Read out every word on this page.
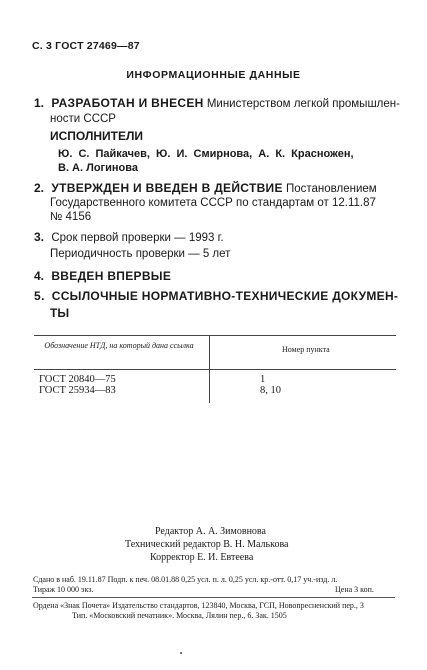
С. 3 ГОСТ 27469—87
ИНФОРМАЦИОННЫЕ ДАННЫЕ
1. РАЗРАБОТАН И ВНЕСЕН Министерством легкой промышлен-
ности СССР
ИСПОЛНИТЕЛИ
Ю. С. Пайкачев, Ю. И. Смирнова, А. К. Красножен,
В. А. Логинова
2. УТВЕРЖДЕН И ВВЕДЕН В ДЕЙСТВИЕ Постановлением
Государственного комитета СССР по стандартам от 12.11.87
№ 4156
3. Срок первой проверки — 1993 г.
Периодичность проверки — 5 лет
4. ВВЕДЕН ВПЕРВЫЕ
5. ССЫЛОЧНЫЕ НОРМАТИВНО-ТЕХНИЧЕСКИЕ ДОКУМЕН-
ТЫ
Обозначение НТД, на который дана ссылка	Номер пункта
ГОСТ 20840—75	1
ГОСТ 25934—83	8, 10
Редактор А. А. Зимовнова
Технический редактор В. Н. Малькова
Корректор Е. И. Евтеева
Сдано в наб. 19.11.87 Подп. к печ. 08.01.88 0,25 усл. п. л. 0,25 усл. кр.-отт. 0,17 уч.-изд. л.
Тираж 10 000 экз.	Цена 3 коп.
Ордена «Знак Почета» Издательство стандартов, 123840, Москва, ГСП, Новопресненский пер., 3
Тип. «Московский печатник». Москва, Лялин пер., 6. Зак. 1505
